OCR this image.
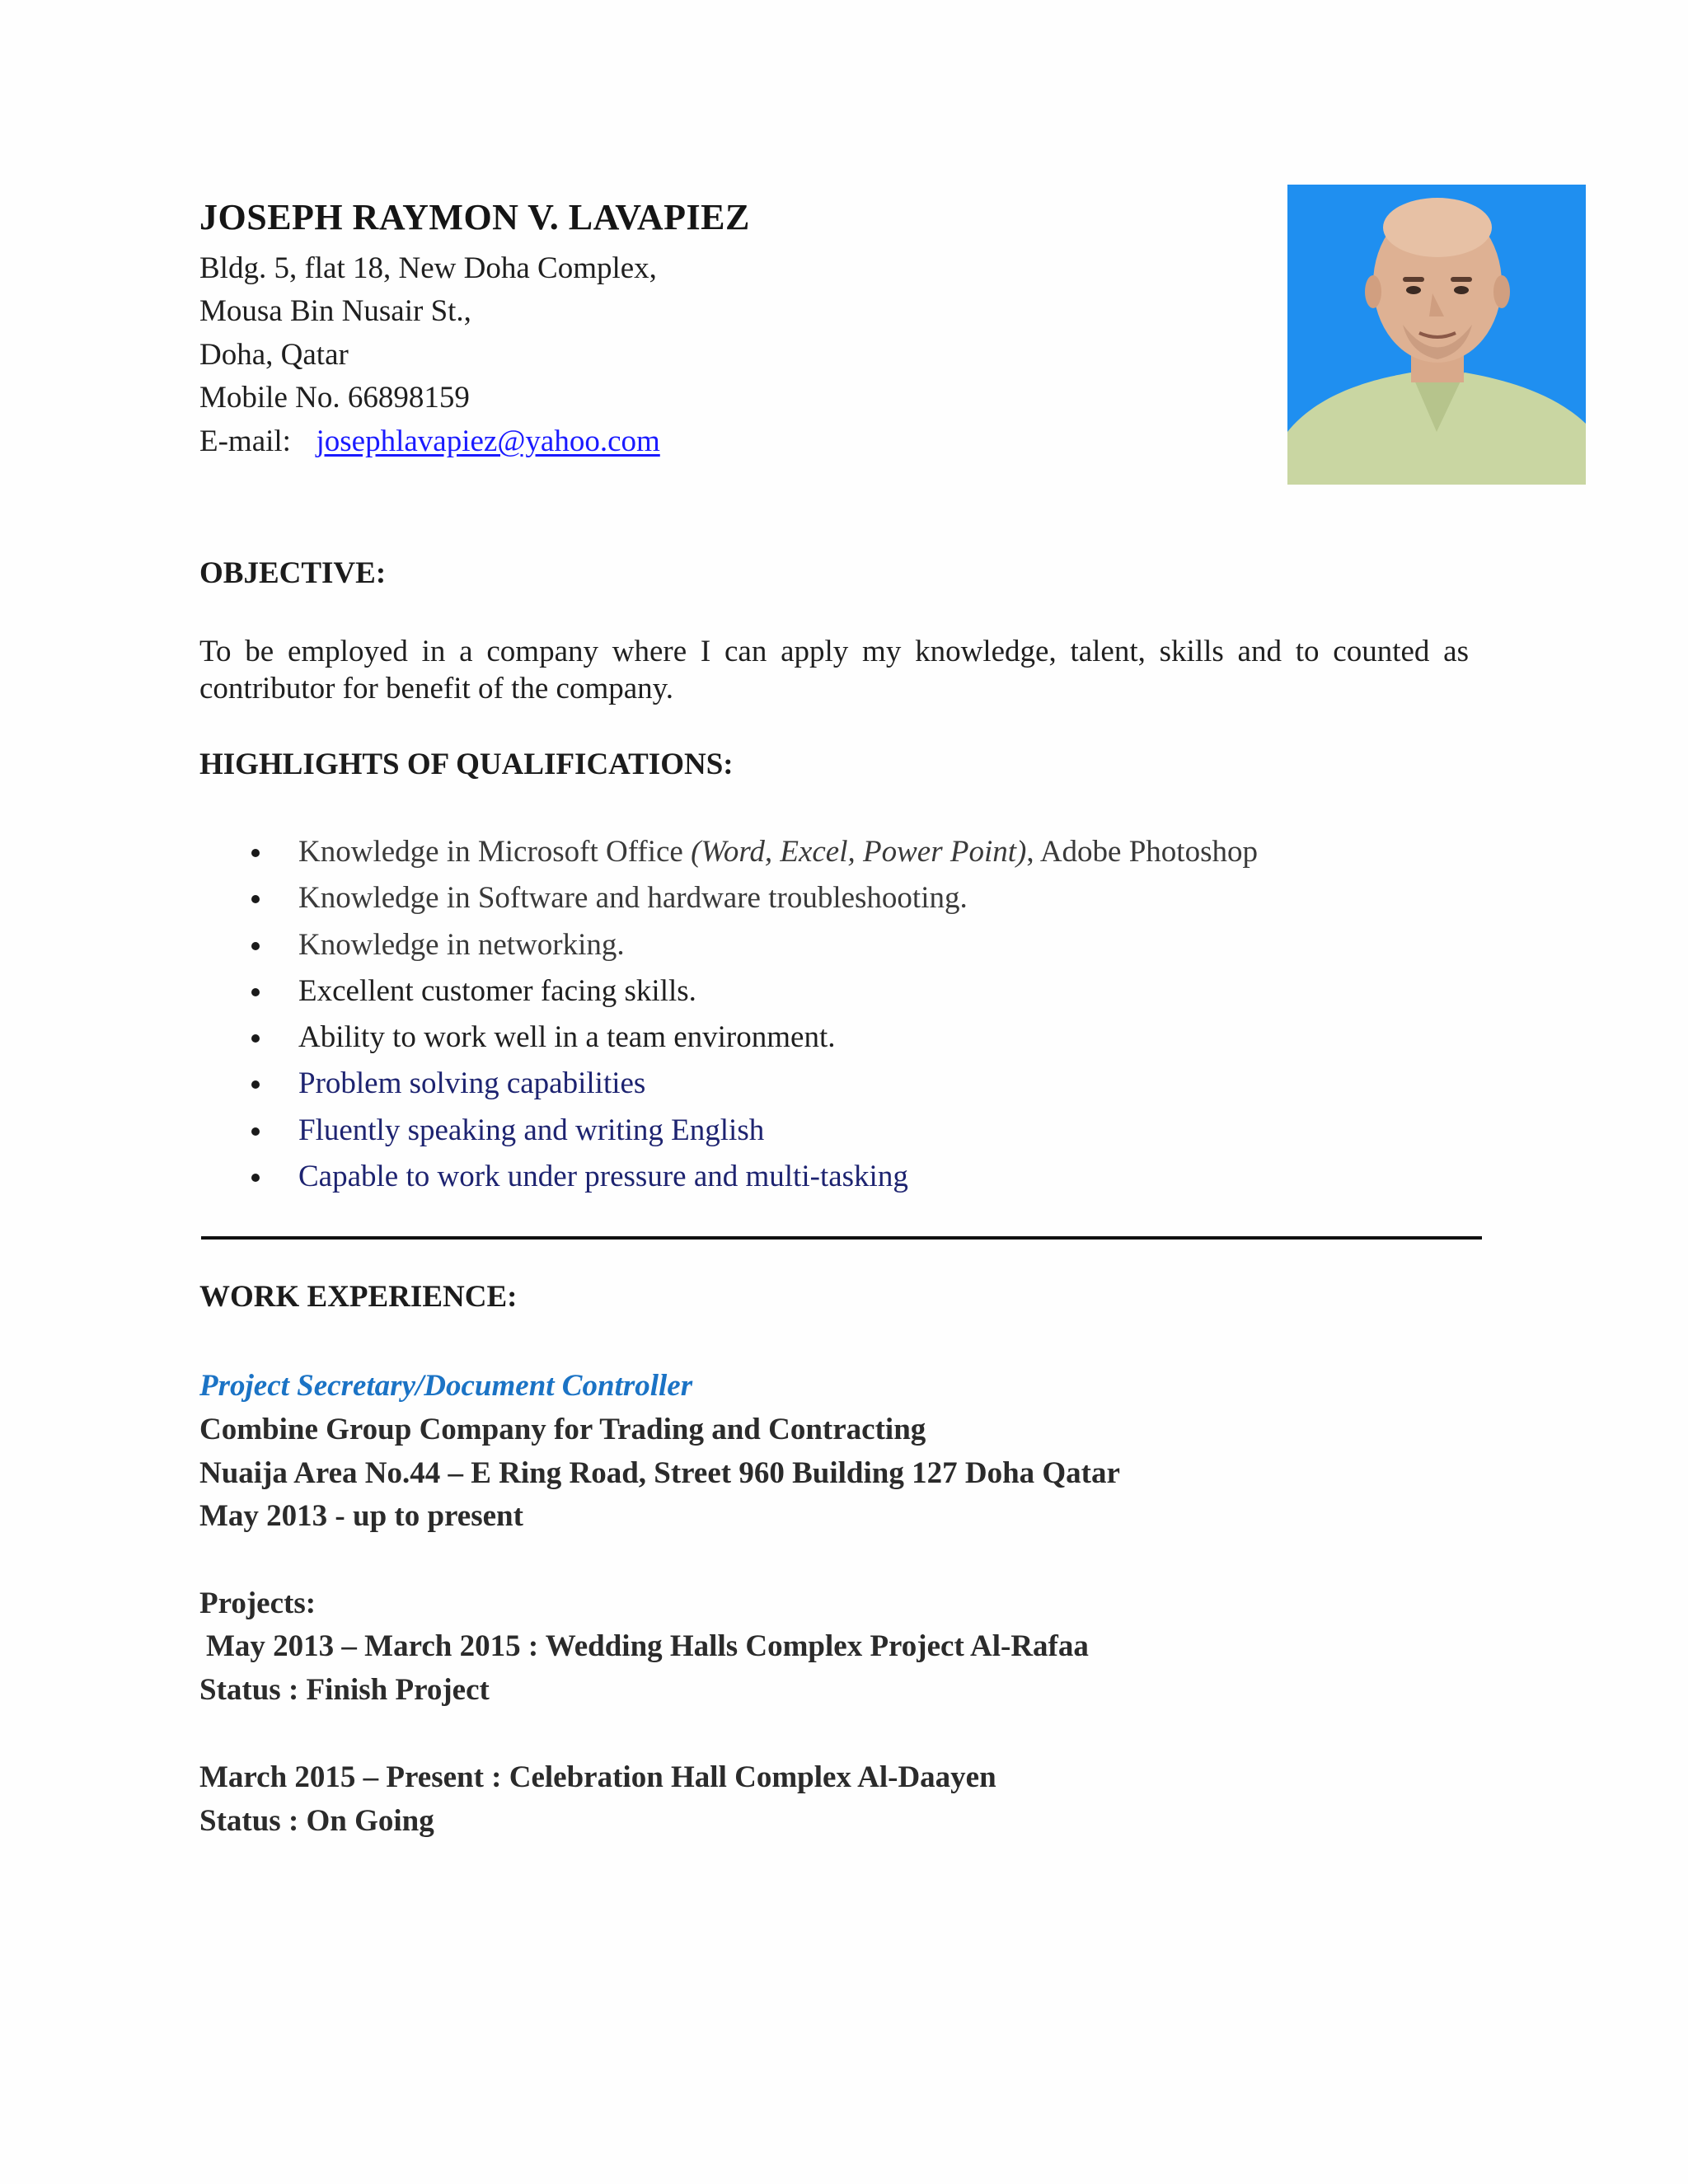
JOSEPH RAYMON V. LAVAPIEZ
Bldg. 5, flat 18, New Doha Complex,
Mousa Bin Nusair St.,
Doha, Qatar
Mobile No. 66898159
E-mail: josephlavapiez@yahoo.com
OBJECTIVE:
To be employed in a company where I can apply my knowledge, talent, skills and to counted as contributor for benefit of the company.
HIGHLIGHTS OF QUALIFICATIONS:
Knowledge in Microsoft Office (Word, Excel, Power Point), Adobe Photoshop
Knowledge in Software and hardware troubleshooting.
Knowledge in networking.
Excellent customer facing skills.
Ability to work well in a team environment.
Problem solving capabilities
Fluently speaking and writing English
Capable to work under pressure and multi-tasking
WORK EXPERIENCE:
Project Secretary/Document Controller
Combine Group Company for Trading and Contracting
Nuaija Area No.44 – E Ring Road, Street 960 Building 127 Doha Qatar
May 2013 - up to present
Projects:
May 2013 – March 2015 : Wedding Halls Complex Project Al-Rafaa
Status : Finish Project
March 2015 – Present : Celebration Hall Complex Al-Daayen
Status : On Going
